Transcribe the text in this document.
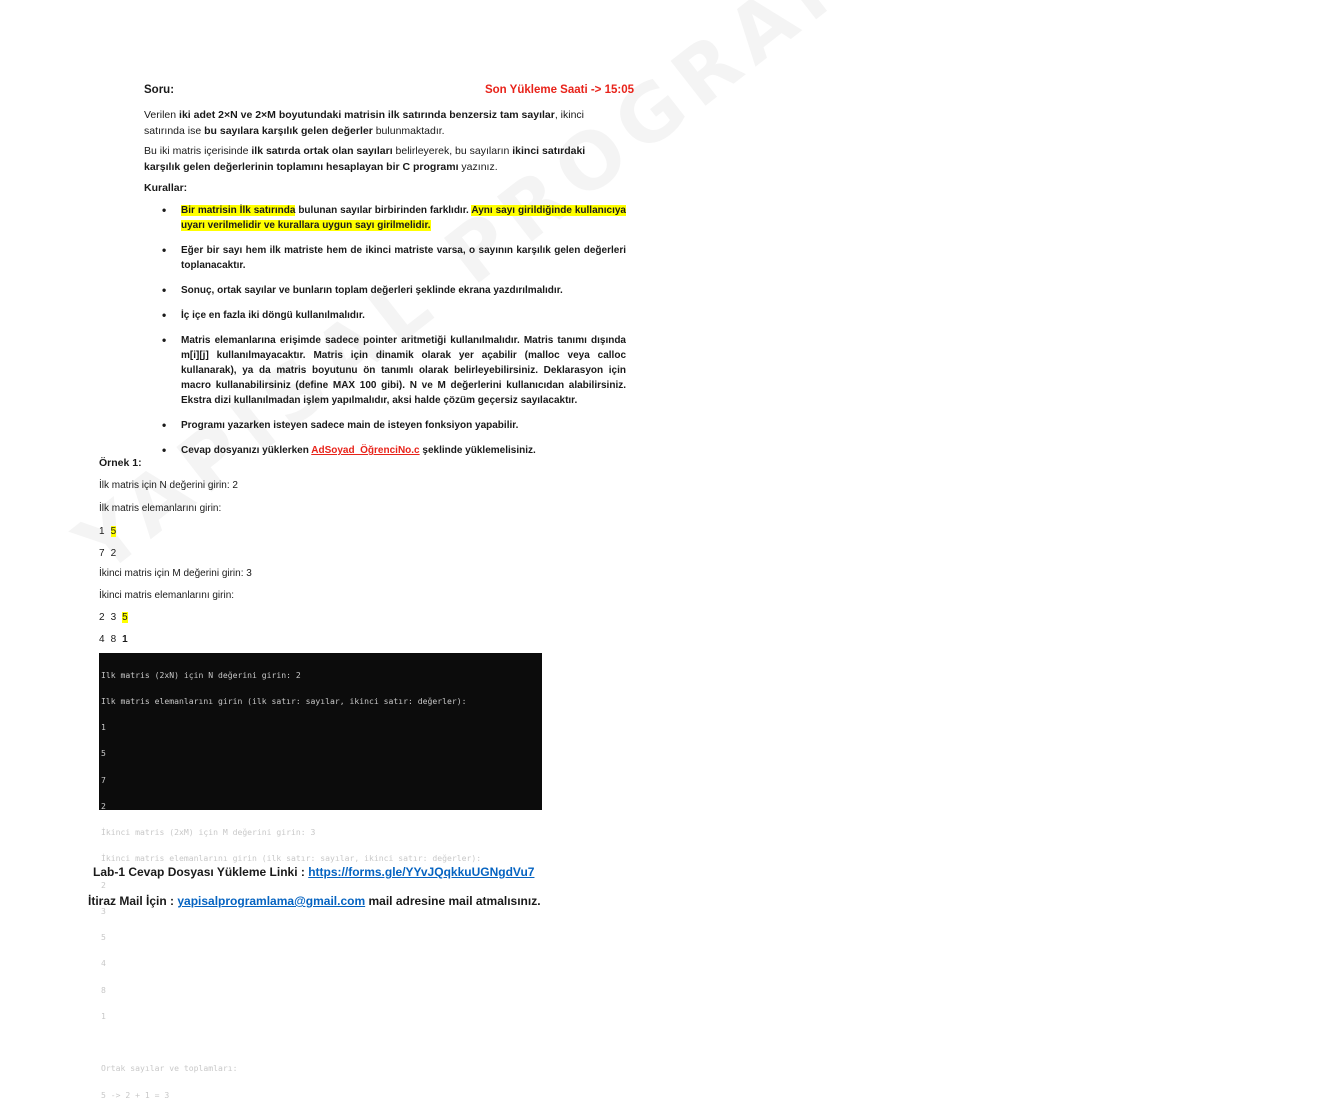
Soru:	Son Yükleme Saati -> 15:05
Verilen iki adet 2×N ve 2×M boyutundaki matrisin ilk satırında benzersiz tam sayılar, ikinci satırında ise bu sayılara karşılık gelen değerler bulunmaktadır.
Bu iki matris içerisinde ilk satırda ortak olan sayıları belirleyerek, bu sayıların ikinci satırdaki karşılık gelen değerlerinin toplamını hesaplayan bir C programı yazınız.
Kurallar:
• Bir matrisin İlk satırında bulunan sayılar birbirinden farklıdır. Aynı sayı girildiğinde kullanıcıya uyarı verilmelidir ve kurallara uygun sayı girilmelidir.
• Eğer bir sayı hem ilk matriste hem de ikinci matriste varsa, o sayının karşılık gelen değerleri toplanacaktır.
• Sonuç, ortak sayılar ve bunların toplam değerleri şeklinde ekrana yazdırılmalıdır.
• İç içe en fazla iki döngü kullanılmalıdır.
• Matris elemanlarına erişimde sadece pointer aritmetiği kullanılmalıdır. Matris tanımı dışında m[i][j] kullanılmayacaktır. Matris için dinamik olarak yer açabilir (malloc veya calloc kullanarak), ya da matris boyutunu ön tanımlı olarak belirleyebilirsiniz. Deklarasyon için macro kullanabilirsiniz (define MAX 100 gibi). N ve M değerlerini kullanıcıdan alabilirsiniz. Ekstra dizi kullanılmadan işlem yapılmalıdır, aksi halde çözüm geçersiz sayılacaktır.
• Programı yazarken isteyen sadece main de isteyen fonksiyon yapabilir.
• Cevap dosyanızı yüklerken AdSoyad_ÖğrenciNo.c şeklinde yüklemelisiniz.
Örnek 1:
İlk matris için N değerini girin: 2
İlk matris elemanlarını girin:
1 5
7 2
İkinci matris için M değerini girin: 3
İkinci matris elemanlarını girin:
2 3 5
4 8 1

Ilk matris (2xN) için N değerini girin: 2

Ilk matris elemanlarını girin (ilk satır: sayılar, ikinci satır: değerler):

1

5

7

2

İkinci matris (2xM) için M değerini girin: 3

İkinci matris elemanlarını girin (ilk satır: sayılar, ikinci satır: değerler):

2

3

5

4

8

1

Ortak sayılar ve toplamları:

5 -> 2 + 1 = 3

Lab-1 Cevap Dosyası Yükleme Linki : https://forms.gle/YYvJQqkkuUGNgdVu7
İtiraz Mail İçin : yapisalprogramlama@gmail.com mail adresine mail atmalısınız.
